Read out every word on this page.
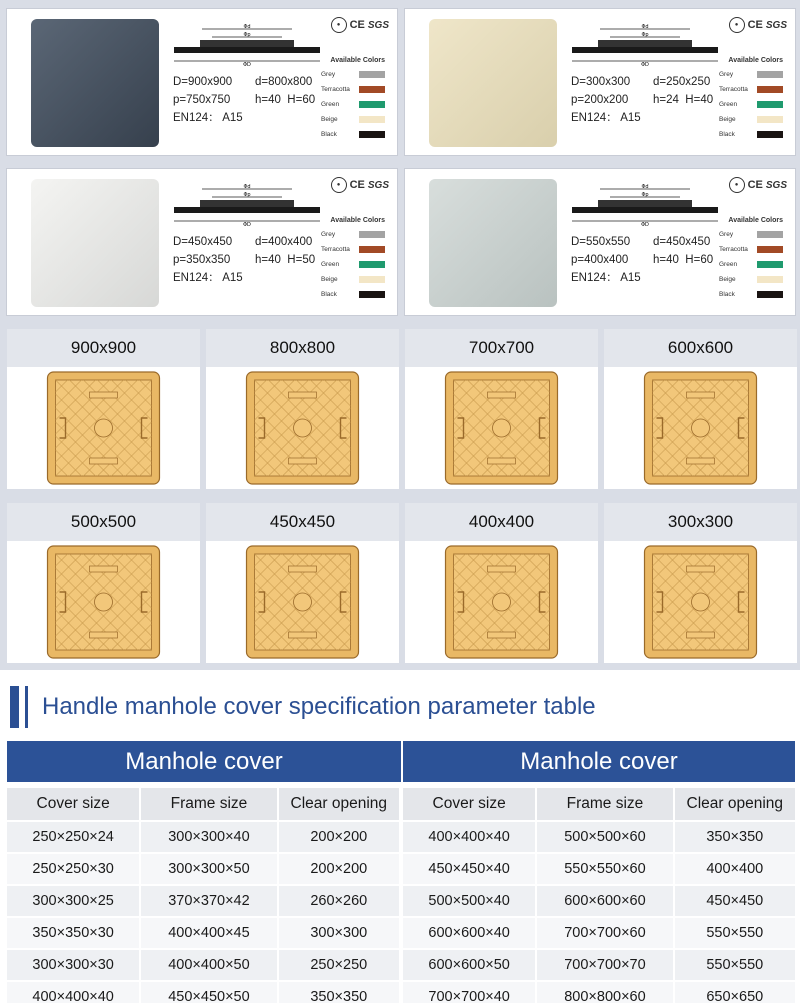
Φd
Φp
ΦD
D=900x900 d=800x800
p=750x750 h=40 H=60
EN124： A15
● CE SGS
Available Colors
Grey
Terracotta
Green
Beige
Black
Φd
Φp
ΦD
D=300x300 d=250x250
p=200x200 h=24 H=40
EN124： A15
● CE SGS
Available Colors
Grey
Terracotta
Green
Beige
Black
Φd
Φp
ΦD
D=450x450 d=400x400
p=350x350 h=40 H=50
EN124： A15
● CE SGS
Available Colors
Grey
Terracotta
Green
Beige
Black
Φd
Φp
ΦD
D=550x550 d=450x450
p=400x400 h=40 H=60
EN124： A15
● CE SGS
Available Colors
Grey
Terracotta
Green
Beige
Black
900x900	800x800	700x700	600x600
500x500	450x450	400x400	300x300
Handle manhole cover specification parameter table
Manhole cover	Manhole cover
Cover size	Frame size	Clear opening	Cover size	Frame size	Clear opening
250×250×24	300×300×40	200×200	400×400×40	500×500×60	350×350
250×250×30	300×300×50	200×200	450×450×40	550×550×60	400×400
300×300×25	370×370×42	260×260	500×500×40	600×600×60	450×450
350×350×30	400×400×45	300×300	600×600×40	700×700×60	550×550
300×300×30	400×400×50	250×250	600×600×50	700×700×70	550×550
400×400×40	450×450×50	350×350	700×700×40	800×800×60	650×650
